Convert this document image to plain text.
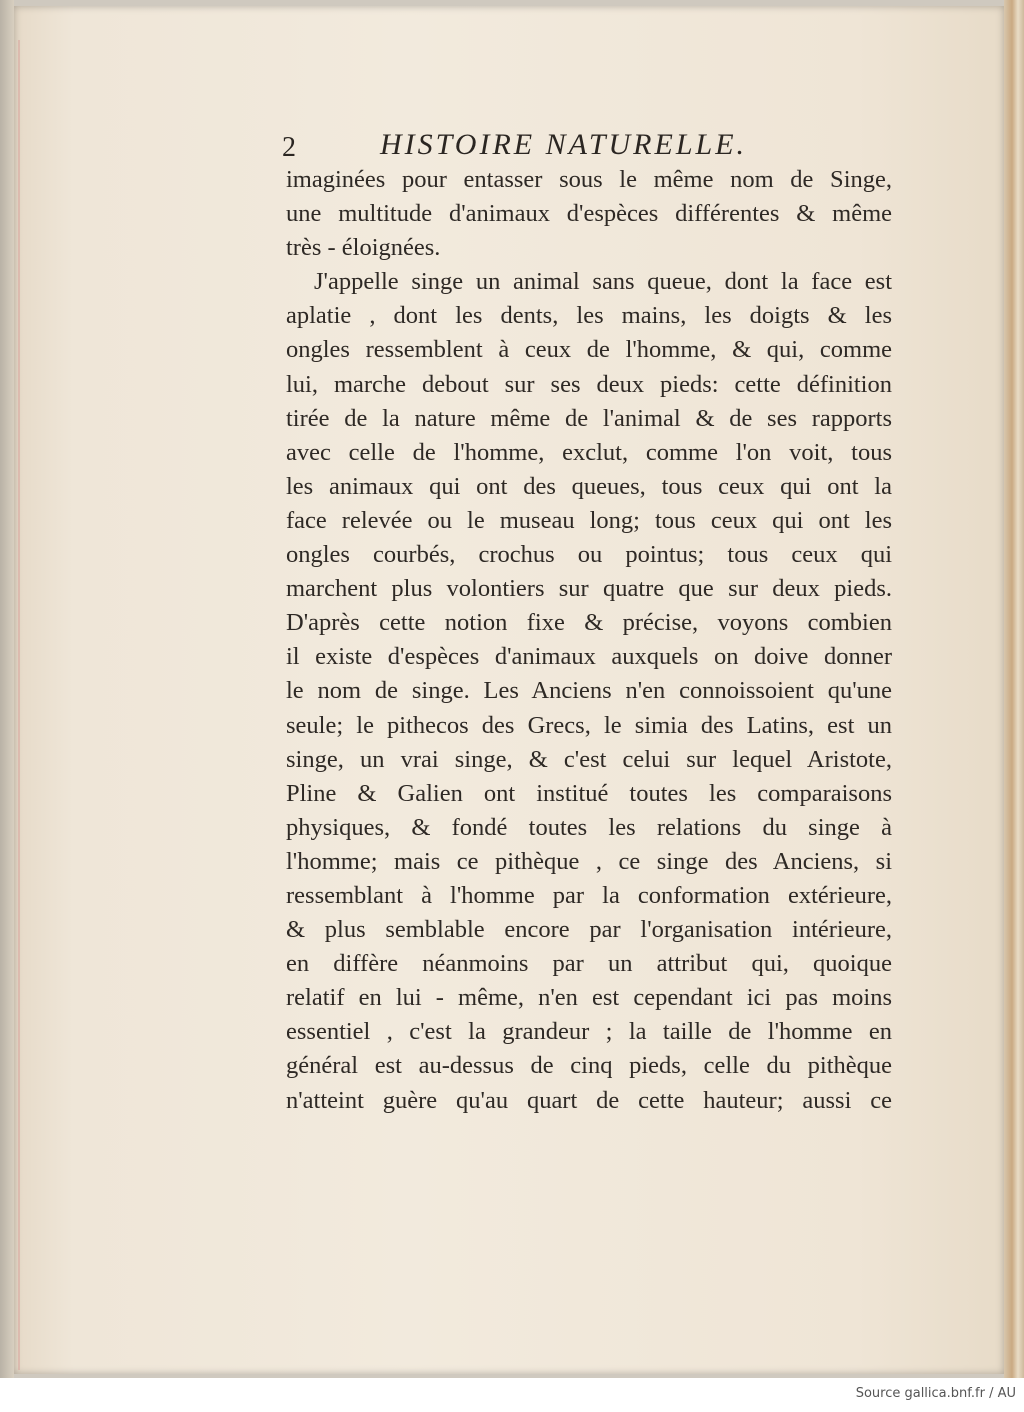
2	HISTOIRE NATURELLE.
imaginées pour entasser sous le même nom de Singe,
une multitude d'animaux d'espèces différentes & même
très - éloignées.
J'appelle singe un animal sans queue, dont la face est
aplatie , dont les dents, les mains, les doigts & les
ongles ressemblent à ceux de l'homme, & qui, comme
lui, marche debout sur ses deux pieds: cette définition
tirée de la nature même de l'animal & de ses rapports
avec celle de l'homme, exclut, comme l'on voit, tous
les animaux qui ont des queues, tous ceux qui ont la
face relevée ou le museau long; tous ceux qui ont les
ongles courbés, crochus ou pointus; tous ceux qui
marchent plus volontiers sur quatre que sur deux pieds.
D'après cette notion fixe & précise, voyons combien
il existe d'espèces d'animaux auxquels on doive donner
le nom de singe. Les Anciens n'en connoissoient qu'une
seule; le pithecos des Grecs, le simia des Latins, est un
singe, un vrai singe, & c'est celui sur lequel Aristote,
Pline & Galien ont institué toutes les comparaisons
physiques, & fondé toutes les relations du singe à
l'homme; mais ce pithèque , ce singe des Anciens, si
ressemblant à l'homme par la conformation extérieure,
& plus semblable encore par l'organisation intérieure,
en diffère néanmoins par un attribut qui, quoique
relatif en lui - même, n'en est cependant ici pas moins
essentiel , c'est la grandeur ; la taille de l'homme en
général est au-dessus de cinq pieds, celle du pithèque
n'atteint guère qu'au quart de cette hauteur; aussi ce
Source gallica.bnf.fr / AU
